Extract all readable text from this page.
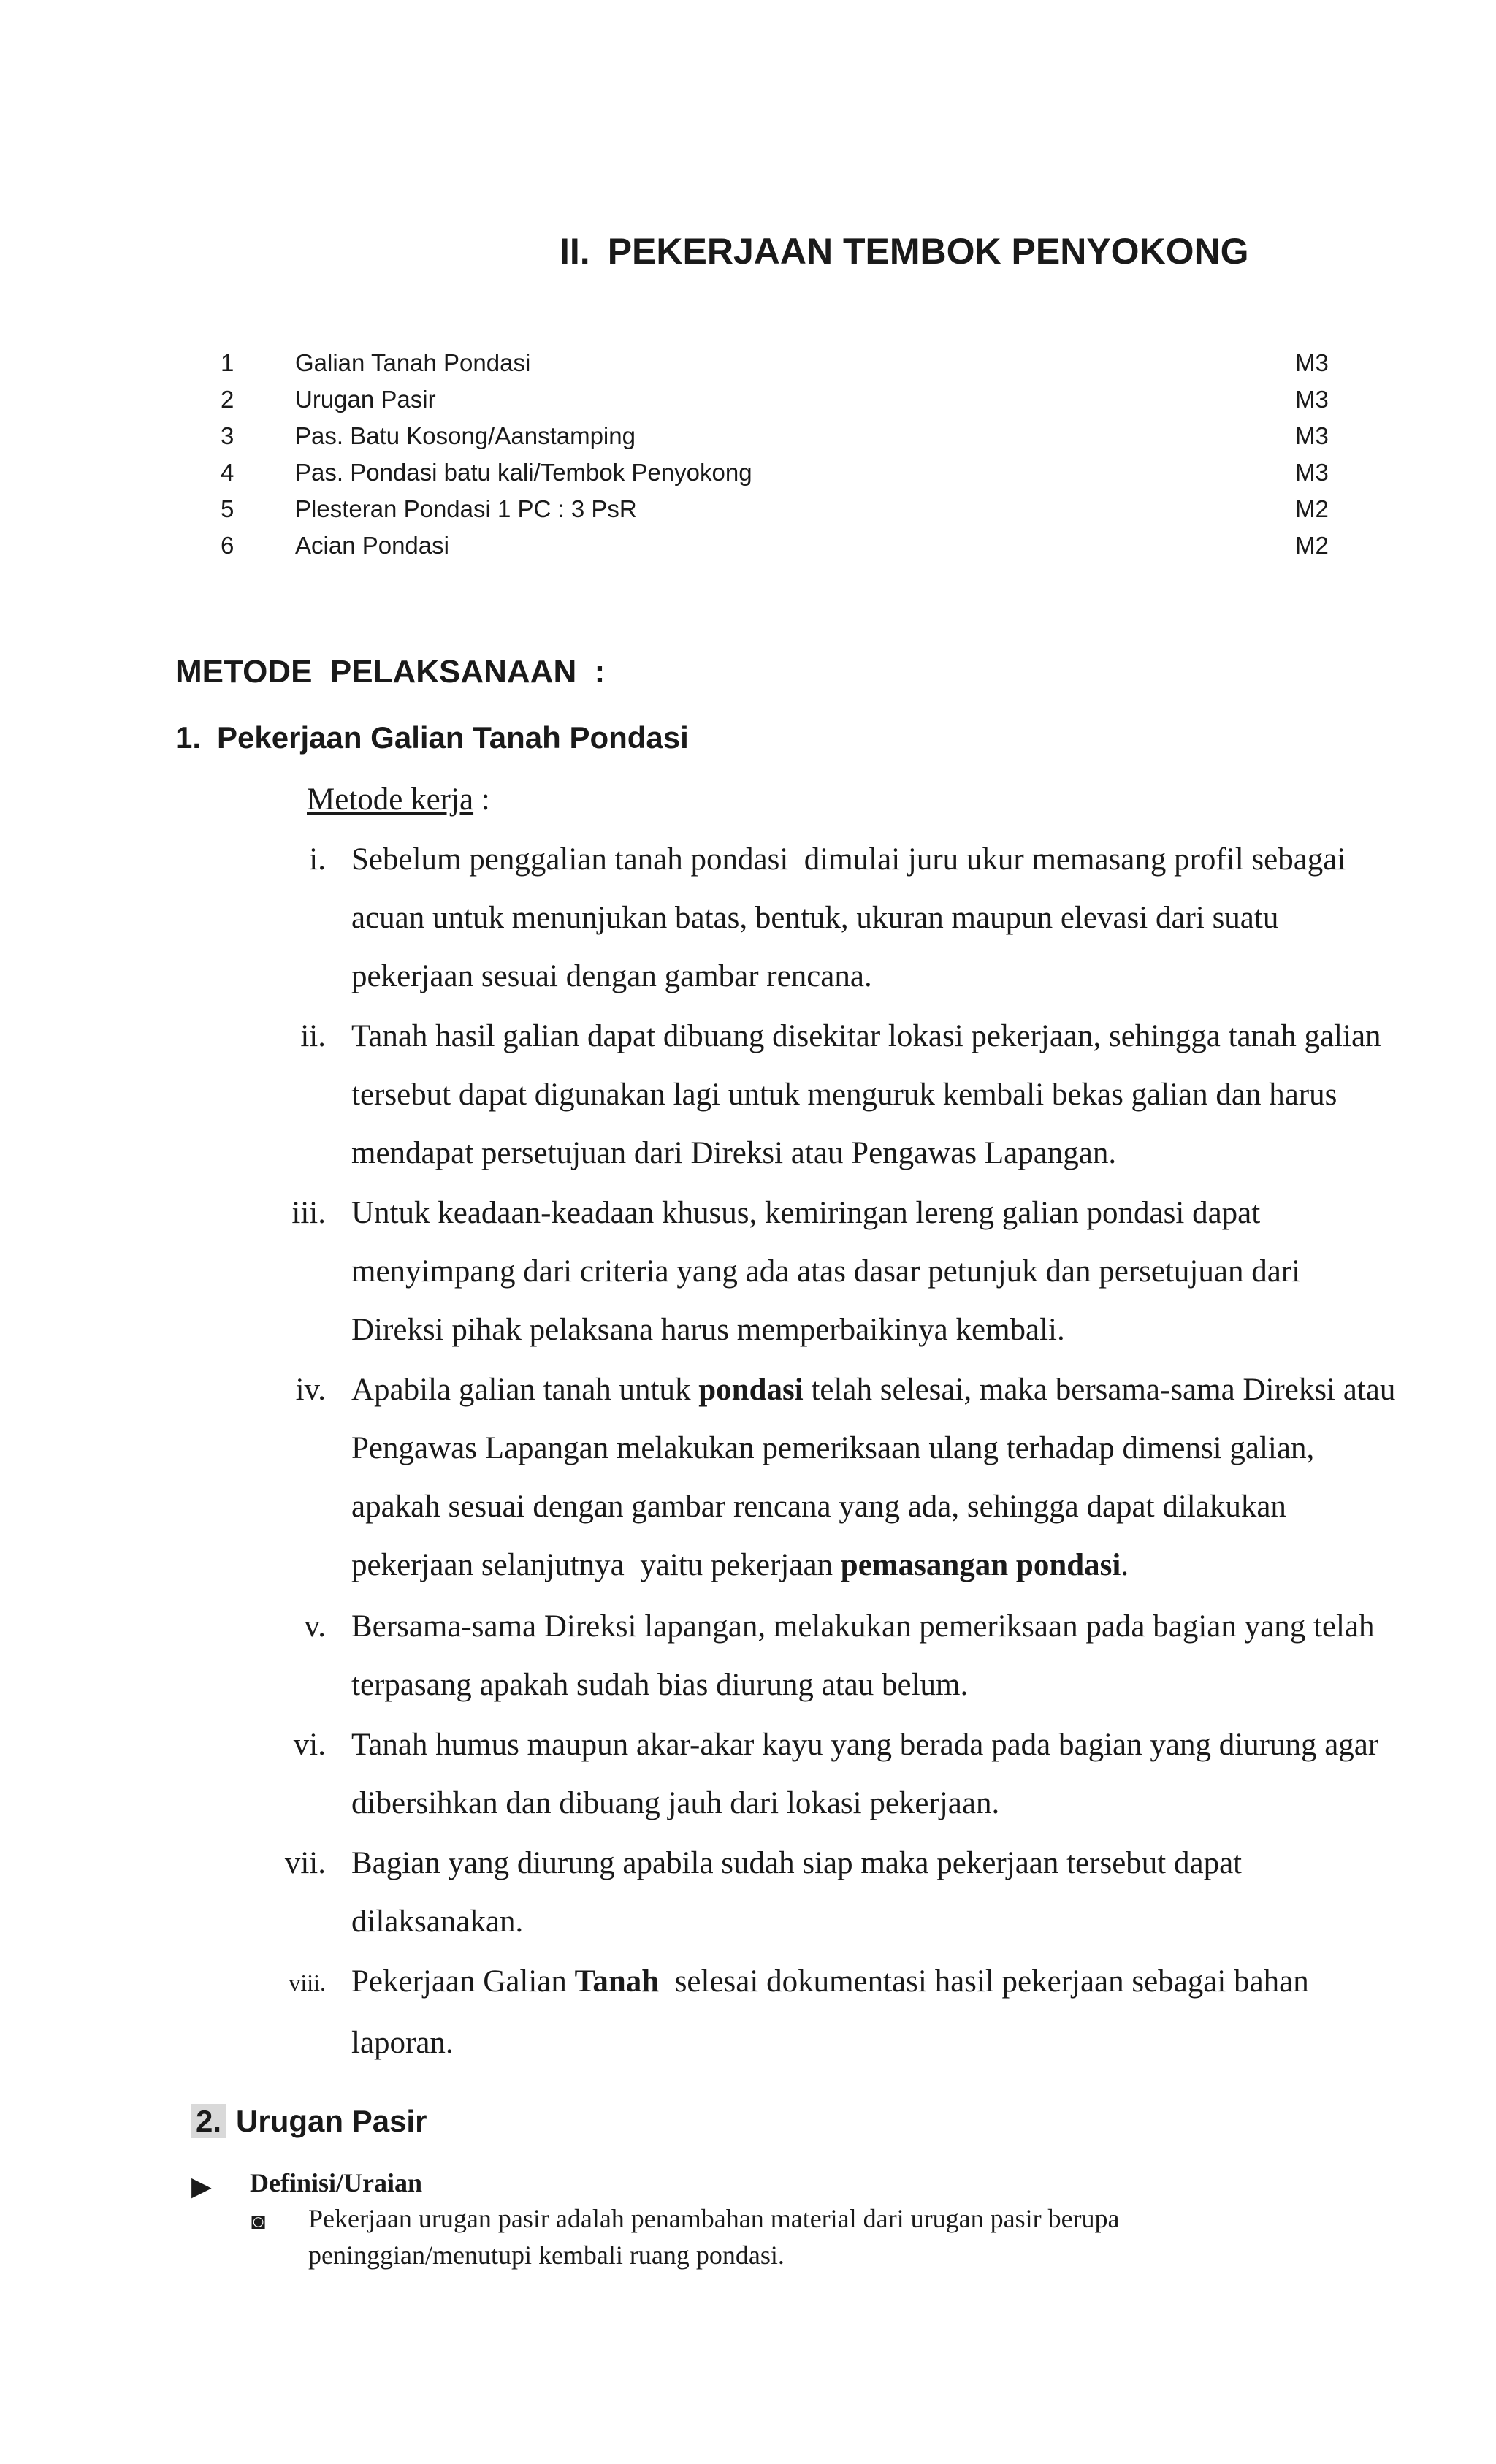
II. PEKERJAAN TEMBOK PENYOKONG
1	Galian Tanah Pondasi	M3
2	Urugan Pasir	M3
3	Pas. Batu Kosong/Aanstamping	M3
4	Pas. Pondasi batu kali/Tembok Penyokong	M3
5	Plesteran Pondasi 1 PC : 3 PsR	M2
6	Acian Pondasi	M2
METODE  PELAKSANAAN  :
1. Pekerjaan Galian Tanah Pondasi
Metode kerja :
i. Sebelum penggalian tanah pondasi  dimulai juru ukur memasang profil sebagai
acuan untuk menunjukan batas, bentuk, ukuran maupun elevasi dari suatu
pekerjaan sesuai dengan gambar rencana.
ii. Tanah hasil galian dapat dibuang disekitar lokasi pekerjaan, sehingga tanah galian
tersebut dapat digunakan lagi untuk menguruk kembali bekas galian dan harus
mendapat persetujuan dari Direksi atau Pengawas Lapangan.
iii. Untuk keadaan-keadaan khusus, kemiringan lereng galian pondasi dapat
menyimpang dari criteria yang ada atas dasar petunjuk dan persetujuan dari
Direksi pihak pelaksana harus memperbaikinya kembali.
iv. Apabila galian tanah untuk pondasi telah selesai, maka bersama-sama Direksi atau
Pengawas Lapangan melakukan pemeriksaan ulang terhadap dimensi galian,
apakah sesuai dengan gambar rencana yang ada, sehingga dapat dilakukan
pekerjaan selanjutnya  yaitu pekerjaan pemasangan pondasi.
v. Bersama-sama Direksi lapangan, melakukan pemeriksaan pada bagian yang telah
terpasang apakah sudah bias diurung atau belum.
vi. Tanah humus maupun akar-akar kayu yang berada pada bagian yang diurung agar
dibersihkan dan dibuang jauh dari lokasi pekerjaan.
vii. Bagian yang diurung apabila sudah siap maka pekerjaan tersebut dapat
dilaksanakan.
viii. Pekerjaan Galian Tanah  selesai dokumentasi hasil pekerjaan sebagai bahan
laporan.
2. Urugan Pasir
▶ Definisi/Uraian
◙ Pekerjaan urugan pasir adalah penambahan material dari urugan pasir berupa
peninggian/menutupi kembali ruang pondasi.
